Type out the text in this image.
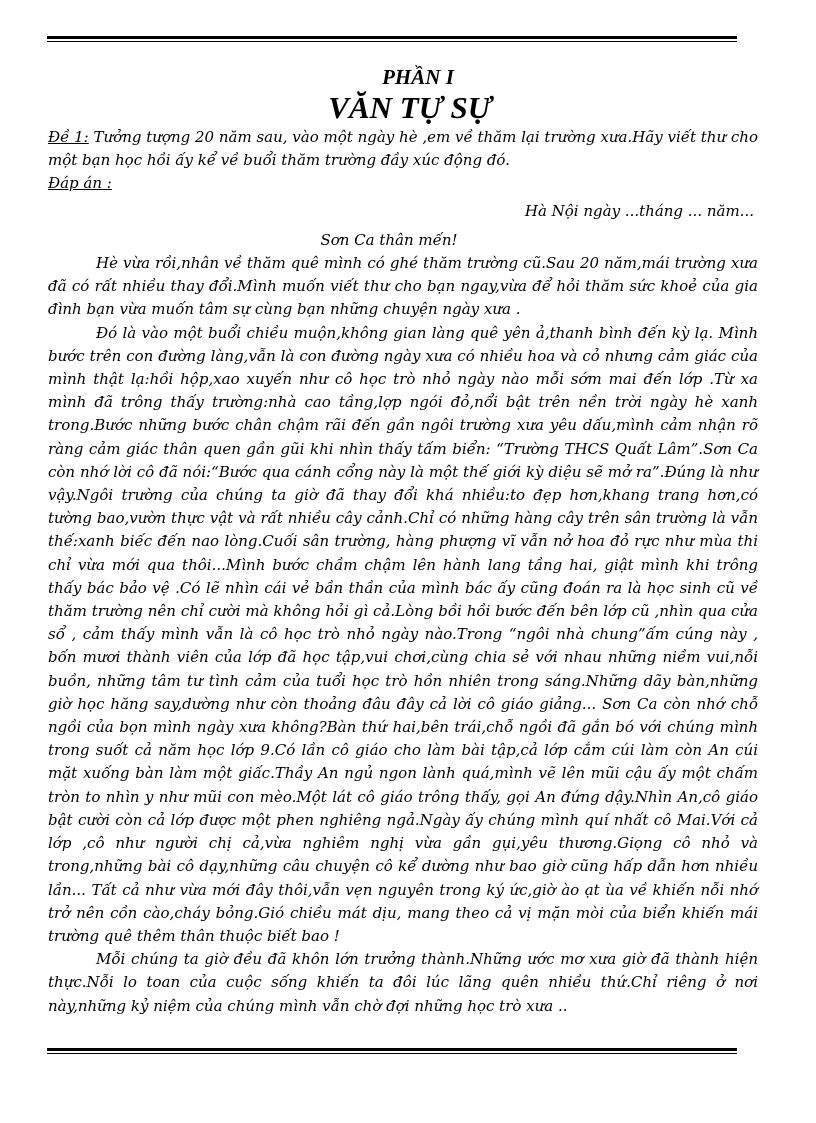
PHẦN I
VĂN TỰ SỰ

Đề 1: Tưởng tượng 20 năm sau, vào một ngày hè ,em về thăm lại trường xưa.Hãy viết thư cho một bạn học hồi ấy kể về buổi thăm trường đầy xúc động đó.

Đáp án :

Hà Nội ngày ...tháng ... năm...

Sơn Ca thân mến!

Hè vừa rồi,nhân về thăm quê mình có ghé thăm trường cũ.Sau 20 năm,mái trường xưa đã có rất nhiều thay đổi.Mình muốn viết thư cho bạn ngay,vừa để hỏi thăm sức khoẻ của gia đình bạn vừa muốn tâm sự cùng bạn những chuyện ngày xưa .

Đó là vào một buổi chiều muộn,không gian làng quê yên ả,thanh bình đến kỳ lạ. Mình bước trên con đường làng,vẫn là con đường ngày xưa có nhiều hoa và cỏ nhưng cảm giác của mình thật lạ:hồi hộp,xao xuyến như cô học trò nhỏ ngày nào mỗi sớm mai đến lớp .Từ xa mình đã trông thấy trường:nhà cao tầng,lợp ngói đỏ,nổi bật trên nền trời ngày hè xanh trong.Bước những bước chân chậm rãi đến gần ngôi trường xưa yêu dấu,mình cảm nhận rõ ràng cảm giác thân quen gần gũi khi nhìn thấy tấm biển: “Trường THCS Quất Lâm”.Sơn Ca còn nhớ lời cô đã nói:“Bước qua cánh cổng này là một thế giới kỳ diệu sẽ mở ra”.Đúng là như vậy.Ngôi trường của chúng ta giờ đã thay đổi khá nhiều:to đẹp hơn,khang trang hơn,có tường bao,vườn thực vật và rất nhiều cây cảnh.Chỉ có những hàng cây trên sân trường là vẫn thế:xanh biếc đến nao lòng.Cuối sân trường, hàng phượng vĩ vẫn nở hoa đỏ rực như mùa thi chỉ vừa mới qua thôi...Mình bước chầm chậm lên hành lang tầng hai, giật mình khi trông thấy bác bảo vệ .Có lẽ nhìn cái vẻ bần thần của mình bác ấy cũng đoán ra là học sinh cũ về thăm trường nên chỉ cười mà không hỏi gì cả.Lòng bồi hồi bước đến bên lớp cũ ,nhìn qua cửa sổ , cảm thấy mình vẫn là cô học trò nhỏ ngày nào.Trong “ngôi nhà chung”ấm cúng này , bốn mươi thành viên của lớp đã học tập,vui chơi,cùng chia sẻ với nhau những niềm vui,nỗi buồn, những tâm tư tình cảm của tuổi học trò hồn nhiên trong sáng.Những dãy bàn,những giờ học hăng say,dường như còn thoảng đâu đây cả lời cô giáo giảng... Sơn Ca còn nhớ chỗ ngồi của bọn mình ngày xưa không?Bàn thứ hai,bên trái,chỗ ngồi đã gắn bó với chúng mình trong suốt cả năm học lớp 9.Có lần cô giáo cho làm bài tập,cả lớp cắm cúi làm còn An cúi mặt xuống bàn làm một giấc.Thầy An ngủ ngon lành quá,mình vẽ lên mũi cậu ấy một chấm tròn to nhìn y như mũi con mèo.Một lát cô giáo trông thấy, gọi An đứng dậy.Nhìn An,cô giáo bật cười còn cả lớp được một phen nghiêng ngả.Ngày ấy chúng mình quí nhất cô Mai.Với cả lớp ,cô như người chị cả,vừa nghiêm nghị vừa gần gụi,yêu thương.Giọng cô nhỏ và trong,những bài cô dạy,những câu chuyện cô kể dường như bao giờ cũng hấp dẫn hơn nhiều lần... Tất cả như vừa mới đây thôi,vẫn vẹn nguyên trong ký ức,giờ ào ạt ùa về khiến nỗi nhớ trở nên cồn cào,cháy bỏng.Gió chiều mát dịu, mang theo cả vị mặn mòi của biển khiến mái trường quê thêm thân thuộc biết bao !

Mỗi chúng ta giờ đều đã khôn lớn trưởng thành.Những ước mơ xưa giờ đã thành hiện thực.Nỗi lo toan của cuộc sống khiến ta đôi lúc lãng quên nhiều thứ.Chỉ riêng ở nơi này,những kỷ niệm của chúng mình vẫn chờ đợi những học trò xưa ..
